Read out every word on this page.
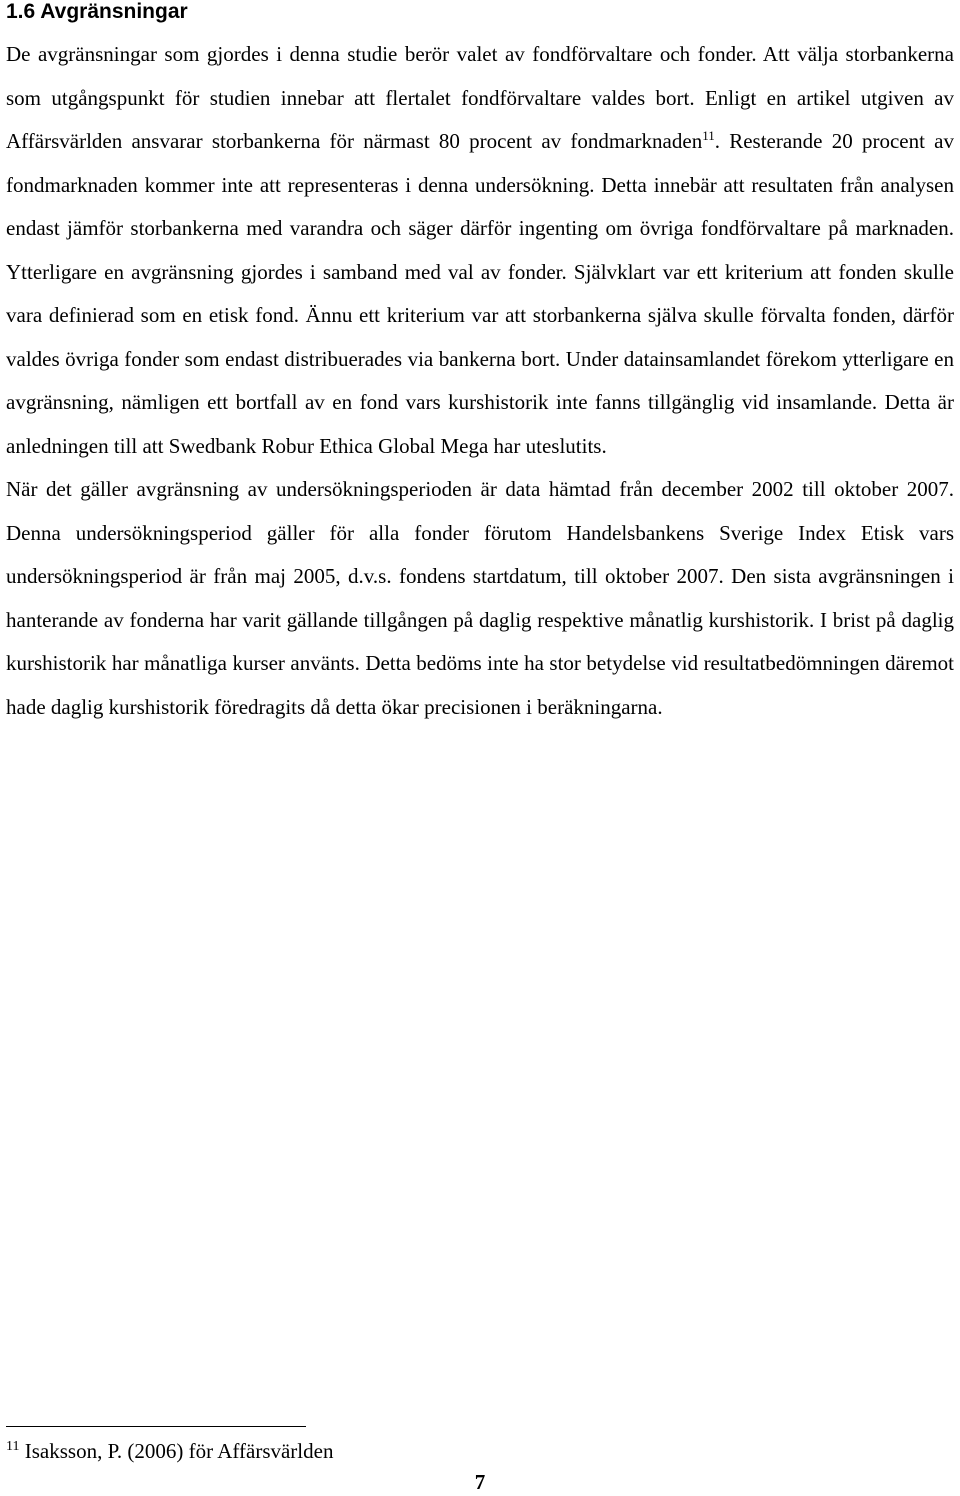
1.6 Avgränsningar

De avgränsningar som gjordes i denna studie berör valet av fondförvaltare och fonder. Att välja storbankerna som utgångspunkt för studien innebar att flertalet fondförvaltare valdes bort. Enligt en artikel utgiven av Affärsvärlden ansvarar storbankerna för närmast 80 procent av fondmarknaden$^{11}$. Resterande 20 procent av fondmarknaden kommer inte att representeras i denna undersökning. Detta innebär att resultaten från analysen endast jämför storbankerna med varandra och säger därför ingenting om övriga fondförvaltare på marknaden. Ytterligare en avgränsning gjordes i samband med val av fonder. Självklart var ett kriterium att fonden skulle vara definierad som en etisk fond. Ännu ett kriterium var att storbankerna själva skulle förvalta fonden, därför valdes övriga fonder som endast distribuerades via bankerna bort. Under datainsamlandet förekom ytterligare en avgränsning, nämligen ett bortfall av en fond vars kurshistorik inte fanns tillgänglig vid insamlande. Detta är anledningen till att Swedbank Robur Ethica Global Mega har uteslutits.

När det gäller avgränsning av undersökningsperioden är data hämtad från december 2002 till oktober 2007. Denna undersökningsperiod gäller för alla fonder förutom Handelsbankens Sverige Index Etisk vars undersökningsperiod är från maj 2005, d.v.s. fondens startdatum, till oktober 2007. Den sista avgränsningen i hanterande av fonderna har varit gällande tillgången på daglig respektive månatlig kurshistorik. I brist på daglig kurshistorik har månatliga kurser använts. Detta bedöms inte ha stor betydelse vid resultatbedömningen däremot hade daglig kurshistorik föredragits då detta ökar precisionen i beräkningarna.

$^{11}$ Isaksson, P. (2006) för Affärsvärlden
7
